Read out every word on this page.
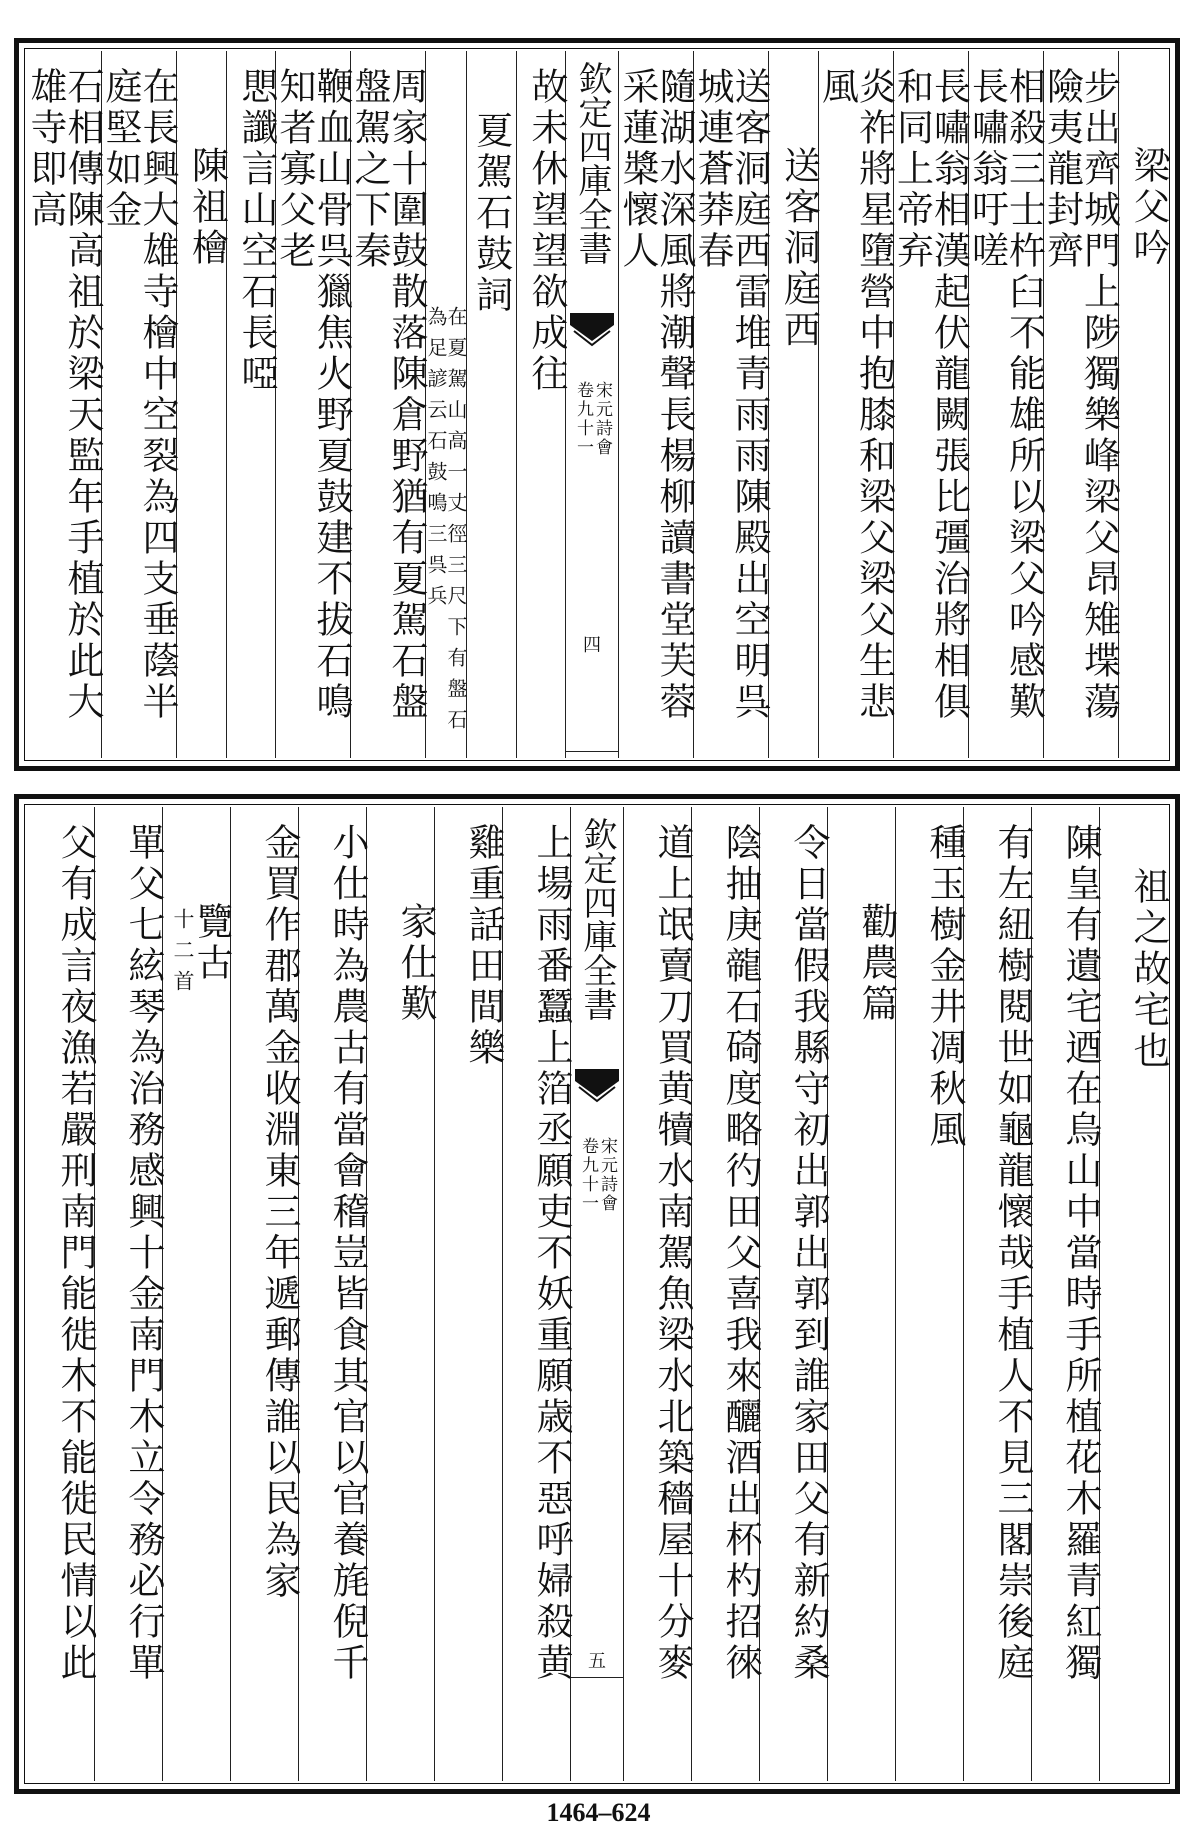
梁父吟
步出齊城門上陟獨樂峰梁父昂雉堞蕩險夷龍封齊
相殺三士杵臼不能雄所以梁父吟感歎長嘯翁吁嗟
長嘯翁相漢起伏龍闕張比彊治將相俱和同上帝弃
炎祚將星墮營中抱膝和梁父梁父生悲風
送客洞庭西
送客洞庭西雷堆青雨雨陳殿出空明呉城連蒼莽春
隨湖水深風將潮聲長楊柳讀書堂芙蓉采蓮槳懷人
欽定四庫全書
宋元詩會
卷九十一
四
故未休望望欲成往
夏駕石鼓詞
在夏駕山高一丈徑三尺下有盤石為足諺云石鼓鳴三呉兵
周家十圍鼓散落陳倉野猶有夏駕石盤盤駕之下秦
鞭血山骨呉獵焦火野夏鼓建不拔石鳴知者寡父老
愳讖言山空石長啞
陳祖檜
在長興大雄寺檜中空裂為四支垂蔭半庭堅如金
石相傳陳高祖於梁天監年手植於此大雄寺即高
祖之故宅也
陳皇有遺宅迺在烏山中當時手所植花木羅青紅獨
有左紐樹閱世如龜龍懷哉手植人不見三閣崇後庭
種玉樹金井凋秋風
勸農篇
令日當假我縣守初出郭出郭到誰家田父有新約桑
陰抽庚㡣石碕度略彴田父喜我來釃酒出杯杓招徠
道上氓賣刀買黄犢水南駕魚梁水北築穡屋十分麥
欽定四庫全書
宋元詩會
卷九十一
五
上場雨番蠶上箔丞願吏不妖重願歳不惡呼婦殺黄
雞重話田間樂
家仕歎
小仕時為農古有當會稽豈皆食其官以官養旄倪千
金買作郡萬金收淵東三年遞郵傳誰以民為家
覽古
十二首
單父七絃琴為治務感興十金南門木立令務必行單
父有成言夜漁若嚴刑南門能徙木不能徙民情以此
1464–624
